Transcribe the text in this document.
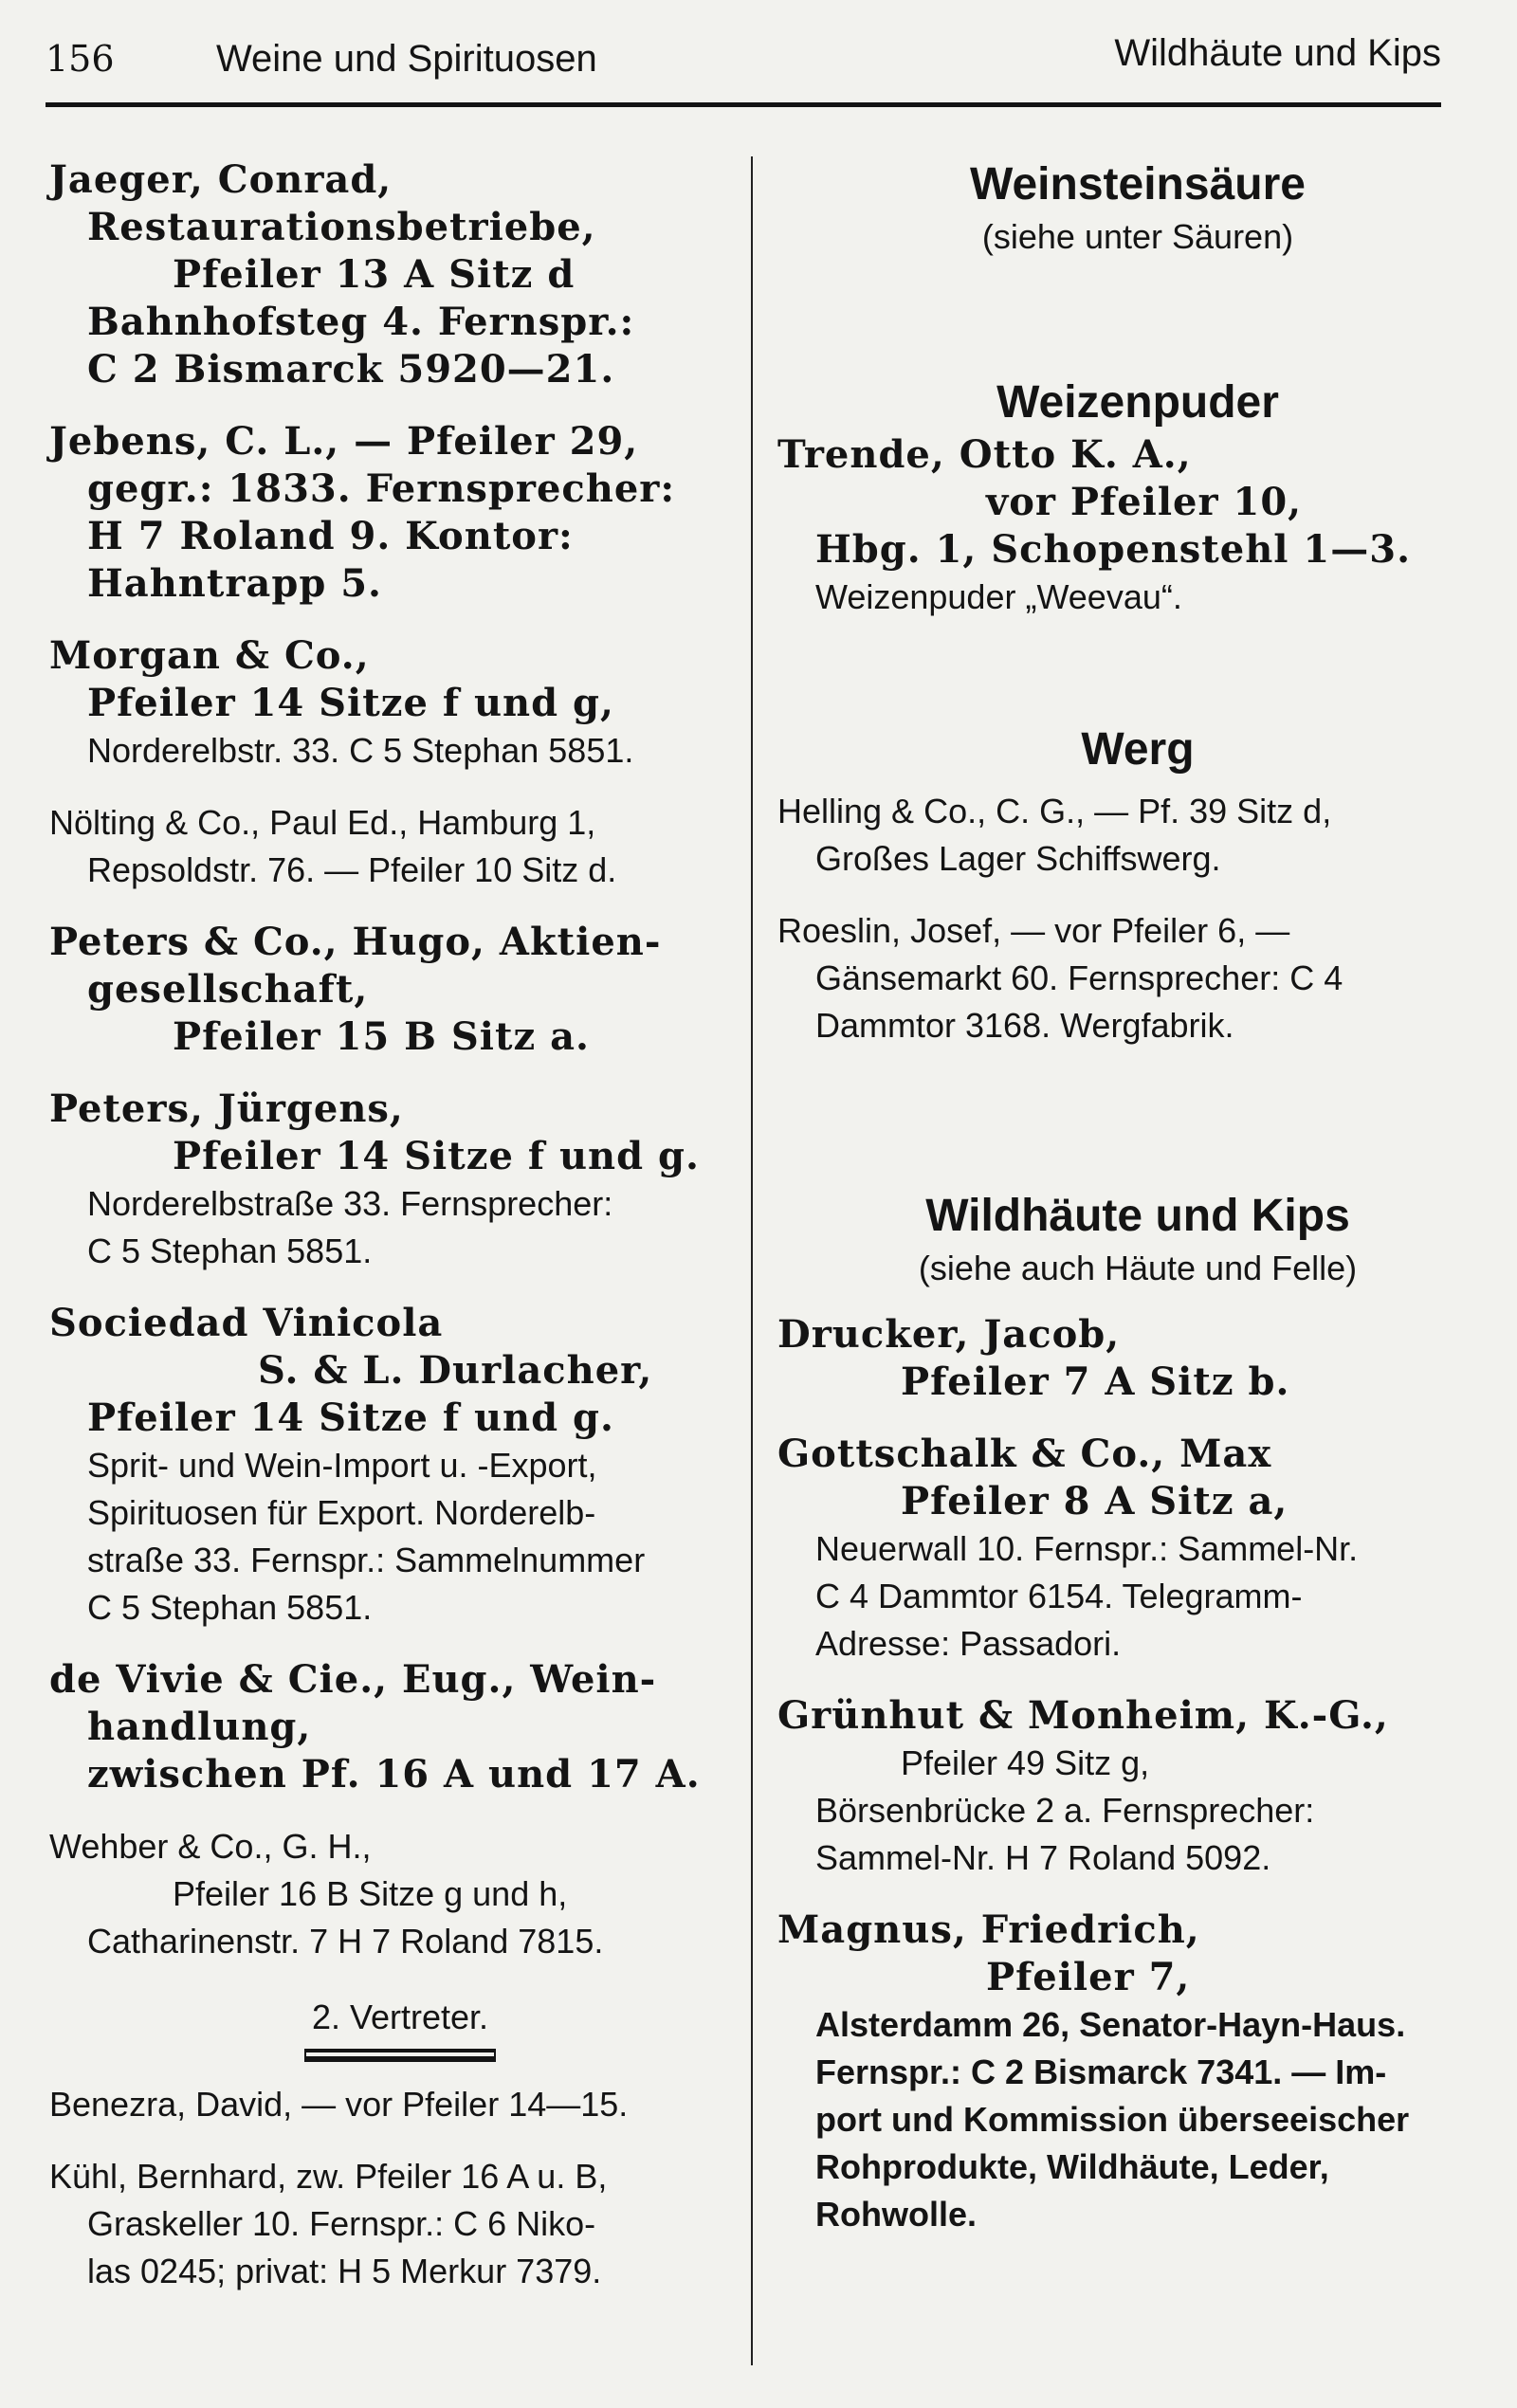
156	Weine und Spirituosen	Wildhäute und Kips
Jaeger, Conrad,
Restaurationsbetriebe,
Pfeiler 13 A Sitz d
Bahnhofsteg 4. Fernspr.:
C 2 Bismarck 5920—21.
Jebens, C. L., — Pfeiler 29,
gegr.: 1833. Fernsprecher:
H 7 Roland 9. Kontor:
Hahntrapp 5.
Morgan & Co.,
Pfeiler 14 Sitze f und g,
Norderelbstr. 33. C 5 Stephan 5851.
Nölting & Co., Paul Ed., Hamburg 1,
Repsoldstr. 76. — Pfeiler 10 Sitz d.
Peters & Co., Hugo, Aktien-
gesellschaft,
Pfeiler 15 B Sitz a.
Peters, Jürgens,
Pfeiler 14 Sitze f und g.
Norderelbstraße 33. Fernsprecher:
C 5 Stephan 5851.
Sociedad Vinicola
S. & L. Durlacher,
Pfeiler 14 Sitze f und g.
Sprit- und Wein-Import u. -Export,
Spirituosen für Export. Norderelb-
straße 33. Fernspr.: Sammelnummer
C 5 Stephan 5851.
de Vivie & Cie., Eug., Wein-
handlung,
zwischen Pf. 16 A und 17 A.
Wehber & Co., G. H.,
Pfeiler 16 B Sitze g und h,
Catharinenstr. 7 H 7 Roland 7815.
2. Vertreter.
Benezra, David, — vor Pfeiler 14—15.
Kühl, Bernhard, zw. Pfeiler 16 A u. B,
Graskeller 10. Fernspr.: C 6 Niko-
las 0245; privat: H 5 Merkur 7379.
Weinsteinsäure
(siehe unter Säuren)
Weizenpuder
Trende, Otto K. A.,
vor Pfeiler 10,
Hbg. 1, Schopenstehl 1—3.
Weizenpuder „Weevau“.
Werg
Helling & Co., C. G., — Pf. 39 Sitz d,
Großes Lager Schiffswerg.
Roeslin, Josef, — vor Pfeiler 6, —
Gänsemarkt 60. Fernsprecher: C 4
Dammtor 3168. Wergfabrik.
Wildhäute und Kips
(siehe auch Häute und Felle)
Drucker, Jacob,
Pfeiler 7 A Sitz b.
Gottschalk & Co., Max
Pfeiler 8 A Sitz a,
Neuerwall 10. Fernspr.: Sammel-Nr.
C 4 Dammtor 6154. Telegramm-
Adresse: Passadori.
Grünhut & Monheim, K.-G.,
Pfeiler 49 Sitz g,
Börsenbrücke 2 a. Fernsprecher:
Sammel-Nr. H 7 Roland 5092.
Magnus, Friedrich,
Pfeiler 7,
Alsterdamm 26, Senator-Hayn-Haus.
Fernspr.: C 2 Bismarck 7341. — Im-
port und Kommission überseeischer
Rohprodukte, Wildhäute, Leder,
Rohwolle.
